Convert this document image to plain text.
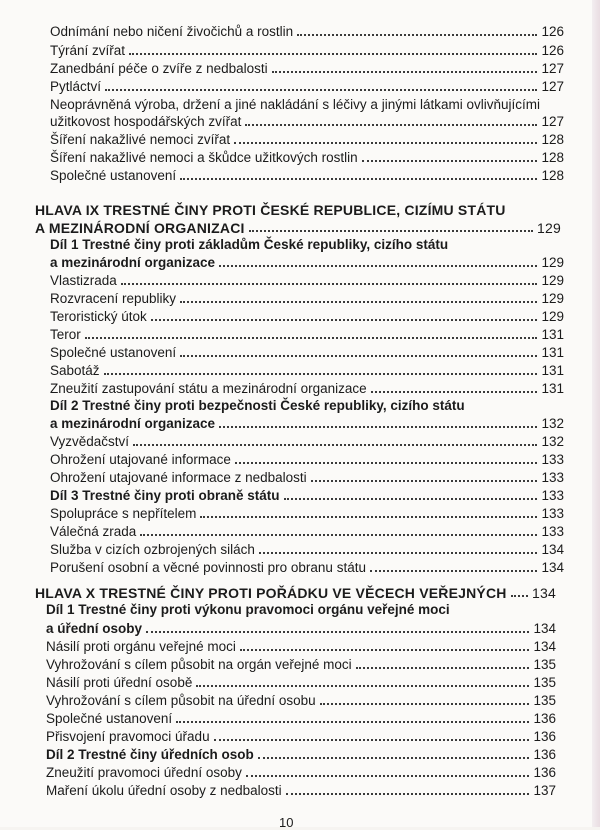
Odnímání nebo ničení živočichů a rostlin	126
Týrání zvířat	126
Zanedbání péče o zvíře z nedbalosti	127
Pytláctví	127
Neoprávněná výroba, držení a jiné nakládání s léčivy a jinými látkami ovlivňujícími
užitkovost hospodářských zvířat	127
Šíření nakažlivé nemoci zvířat	128
Šíření nakažlivé nemoci a škůdce užitkových rostlin	128
Společné ustanovení	128
HLAVA IX TRESTNÉ ČINY PROTI ČESKÉ REPUBLICE, CIZÍMU STÁTU
A MEZINÁRODNÍ ORGANIZACI	129
Díl 1 Trestné činy proti základům České republiky, cizího státu
a mezinárodní organizace	129
Vlastizrada	129
Rozvracení republiky	129
Teroristický útok	129
Teror	131
Společné ustanovení	131
Sabotáž	131
Zneužití zastupování státu a mezinárodní organizace	131
Díl 2 Trestné činy proti bezpečnosti České republiky, cizího státu
a mezinárodní organizace	132
Vyzvědačství	132
Ohrožení utajované informace	133
Ohrožení utajované informace z nedbalosti	133
Díl 3 Trestné činy proti obraně státu	133
Spolupráce s nepřítelem	133
Válečná zrada	133
Služba v cizích ozbrojených silách	134
Porušení osobní a věcné povinnosti pro obranu státu	134
HLAVA X TRESTNÉ ČINY PROTI POŘÁDKU VE VĚCECH VEŘEJNÝCH 134
Díl 1 Trestné činy proti výkonu pravomoci orgánu veřejné moci
a úřední osoby	134
Násilí proti orgánu veřejné moci	134
Vyhrožování s cílem působit na orgán veřejné moci	135
Násilí proti úřední osobě	135
Vyhrožování s cílem působit na úřední osobu	135
Společné ustanovení	136
Přisvojení pravomoci úřadu	136
Díl 2 Trestné činy úředních osob	136
Zneužití pravomoci úřední osoby	136
Maření úkolu úřední osoby z nedbalosti	137
10
